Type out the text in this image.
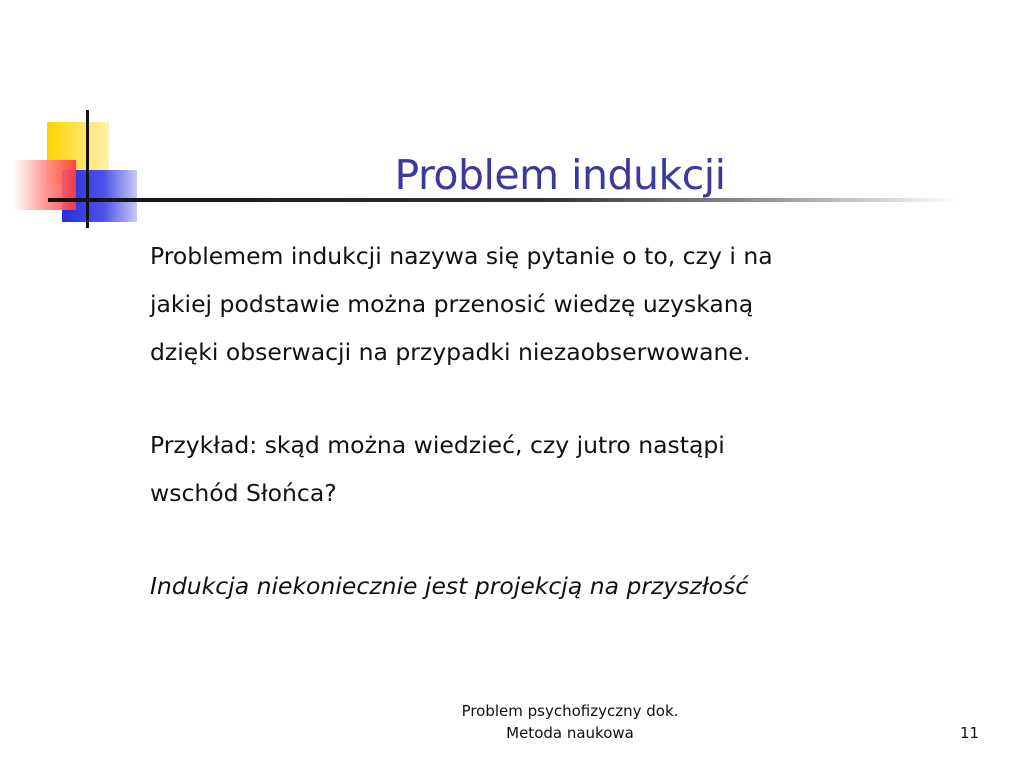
Problem indukcji

Problemem indukcji nazywa się pytanie o to, czy i na
jakiej podstawie można przenosić wiedzę uzyskaną
dzięki obserwacji na przypadki niezaobserwowane.

Przykład: skąd można wiedzieć, czy jutro nastąpi
wschód Słońca?

Indukcja niekoniecznie jest projekcją na przyszłość

Problem psychofizyczny dok.
Metoda naukowa	11
